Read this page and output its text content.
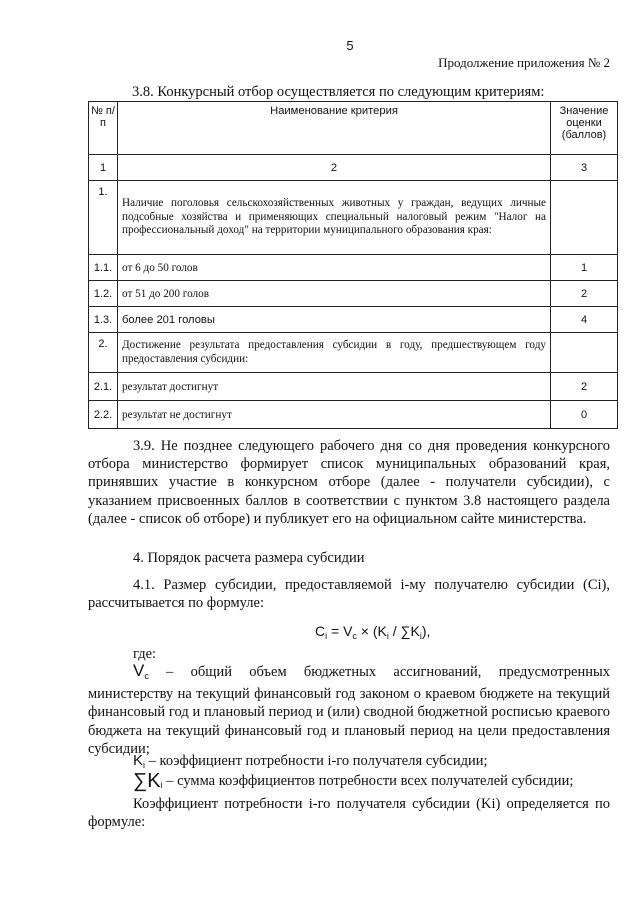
5
Продолжение приложения № 2
3.8. Конкурсный отбор осуществляется по следующим критериям:
№ п/п	Наименование критерия	Значение оценки (баллов)
1	2	3
1.	Наличие поголовья сельскохозяйственных животных у граждан, ведущих личные подсобные хозяйства и применяющих специальный налоговый режим "Налог на профессиональный доход" на территории муниципального образования края:	
1.1.	от 6 до 50 голов	1
1.2.	от 51 до 200 голов	2
1.3.	более 201 головы	4
2.	Достижение результата предоставления субсидии в году, предшествующем году предоставления субсидии:	
2.1.	результат достигнут	2
2.2.	результат не достигнут	0
3.9. Не позднее следующего рабочего дня со дня проведения конкурсного отбора министерство формирует список муниципальных образований края, принявших участие в конкурсном отборе (далее - получатели субсидии), с указанием присвоенных баллов в соответствии с пунктом 3.8 настоящего раздела (далее - список об отборе) и публикует его на официальном сайте министерства.
4. Порядок расчета размера субсидии
4.1. Размер субсидии, предоставляемой i-му получателю субсидии (Ci), рассчитывается по формуле:
$C_i = V_c \times (K_i / \sum K_i)$,
где:
$V_c$ – общий объем бюджетных ассигнований, предусмотренных министерству на текущий финансовый год законом о краевом бюджете на текущий финансовый год и плановый период и (или) сводной бюджетной росписью краевого бюджета на текущий финансовый год и плановый период на цели предоставления субсидии;
$K_i$ – коэффициент потребности i-го получателя субсидии;
$\sum K_i$ – сумма коэффициентов потребности всех получателей субсидии;
Коэффициент потребности i-го получателя субсидии (Ki) определяется по формуле:
